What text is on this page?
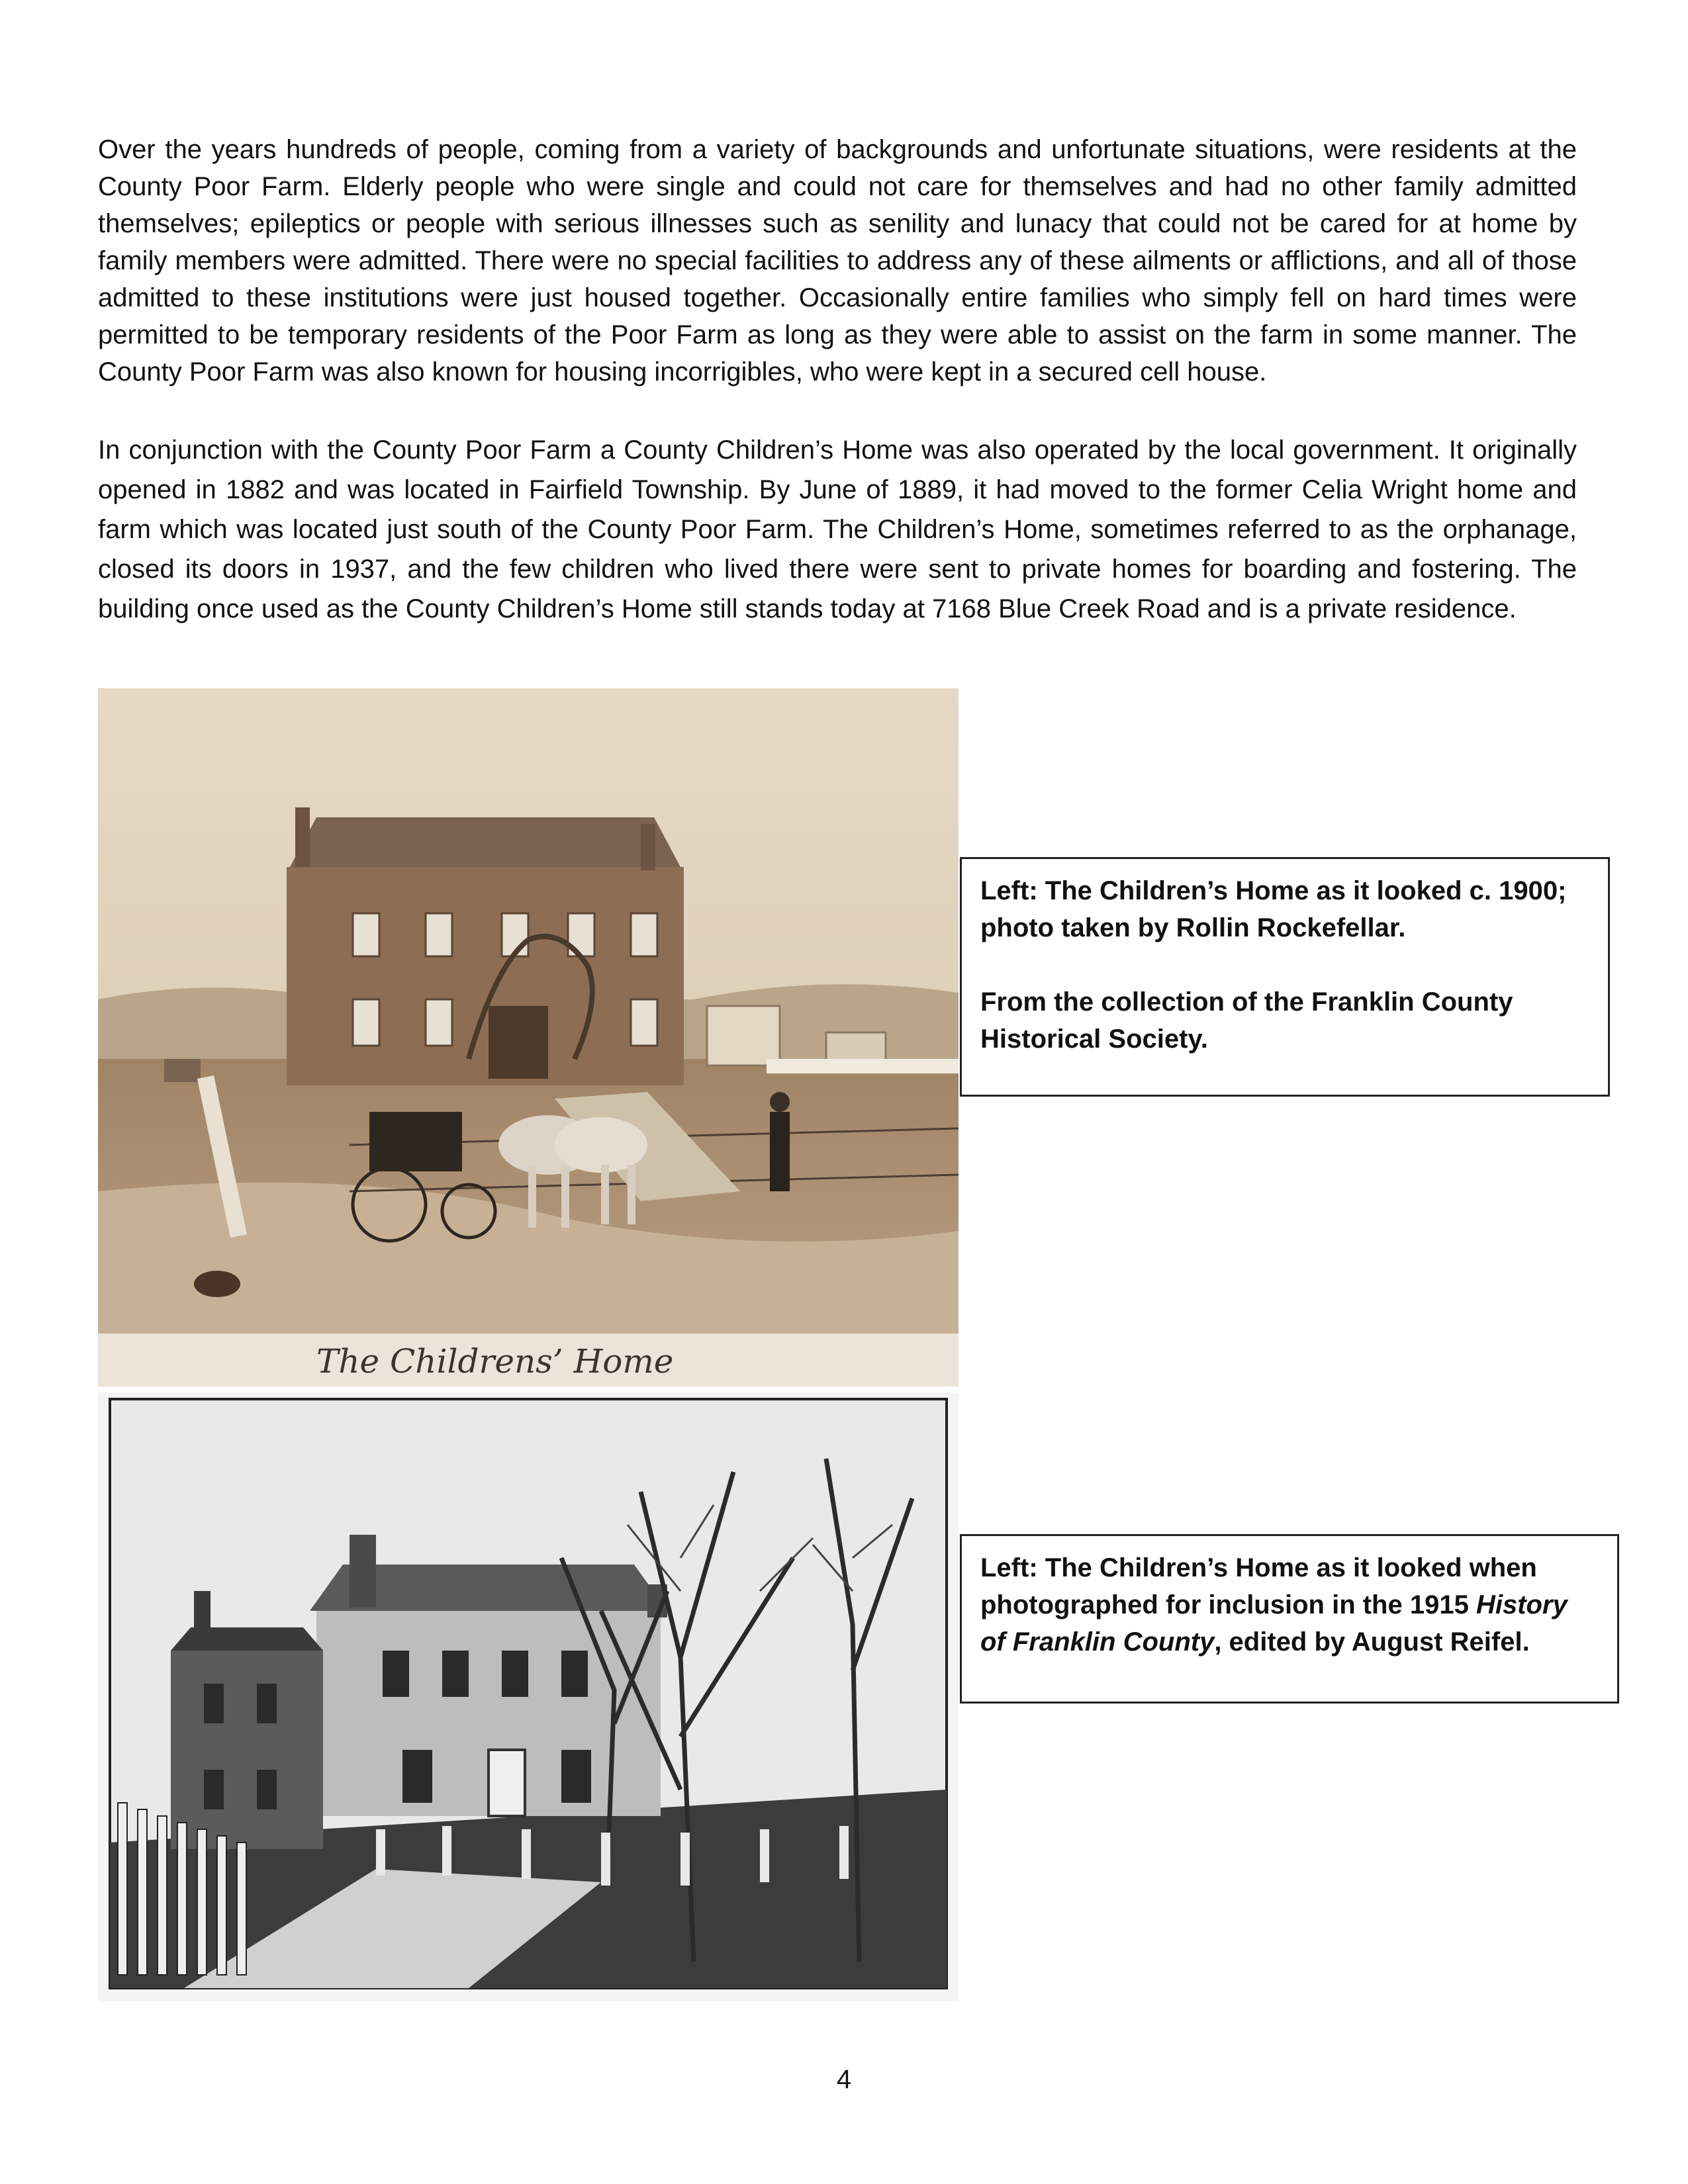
Over the years hundreds of people, coming from a variety of backgrounds and unfortunate situations, were residents at the County Poor Farm. Elderly people who were single and could not care for themselves and had no other family admitted themselves; epileptics or people with serious illnesses such as senility and lunacy that could not be cared for at home by family members were admitted. There were no special facilities to address any of these ailments or afflictions, and all of those admitted to these institutions were just housed together. Occasionally entire families who simply fell on hard times were permitted to be temporary residents of the Poor Farm as long as they were able to assist on the farm in some manner. The County Poor Farm was also known for housing incorrigibles, who were kept in a secured cell house.

In conjunction with the County Poor Farm a County Children’s Home was also operated by the local government. It originally opened in 1882 and was located in Fairfield Township. By June of 1889, it had moved to the former Celia Wright home and farm which was located just south of the County Poor Farm. The Children’s Home, sometimes referred to as the orphanage, closed its doors in 1937, and the few children who lived there were sent to private homes for boarding and fostering. The building once used as the County Children’s Home still stands today at 7168 Blue Creek Road and is a private residence.

The Childrens’ Home

Left: The Children’s Home as it looked c. 1900; photo taken by Rollin Rockefellar.

From the collection of the Franklin County Historical Society.

Left: The Children’s Home as it looked when photographed for inclusion in the 1915 History of Franklin County, edited by August Reifel.

4
